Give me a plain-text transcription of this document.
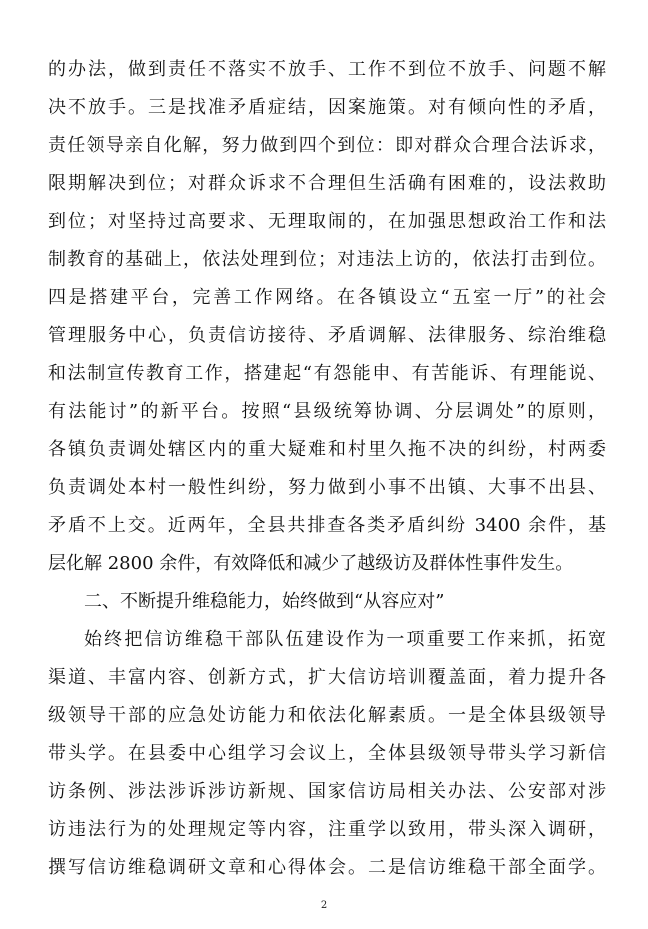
的办法，做到责任不落实不放手、工作不到位不放手、问题不解
决不放手。三是找准矛盾症结，因案施策。对有倾向性的矛盾，
责任领导亲自化解，努力做到四个到位：即对群众合理合法诉求，
限期解决到位；对群众诉求不合理但生活确有困难的，设法救助
到位；对坚持过高要求、无理取闹的，在加强思想政治工作和法
制教育的基础上，依法处理到位；对违法上访的，依法打击到位。
四是搭建平台，完善工作网络。在各镇设立“五室一厅”的社会
管理服务中心，负责信访接待、矛盾调解、法律服务、综治维稳
和法制宣传教育工作，搭建起“有怨能申、有苦能诉、有理能说、
有法能讨”的新平台。按照“县级统筹协调、分层调处”的原则，
各镇负责调处辖区内的重大疑难和村里久拖不决的纠纷，村两委
负责调处本村一般性纠纷，努力做到小事不出镇、大事不出县、
矛盾不上交。近两年，全县共排查各类矛盾纠纷 3400 余件，基
层化解 2800 余件，有效降低和减少了越级访及群体性事件发生。
二、不断提升维稳能力，始终做到“从容应对”
始终把信访维稳干部队伍建设作为一项重要工作来抓，拓宽
渠道、丰富内容、创新方式，扩大信访培训覆盖面，着力提升各
级领导干部的应急处访能力和依法化解素质。一是全体县级领导
带头学。在县委中心组学习会议上，全体县级领导带头学习新信
访条例、涉法涉诉涉访新规、国家信访局相关办法、公安部对涉
访违法行为的处理规定等内容，注重学以致用，带头深入调研，
撰写信访维稳调研文章和心得体会。二是信访维稳干部全面学。
2
